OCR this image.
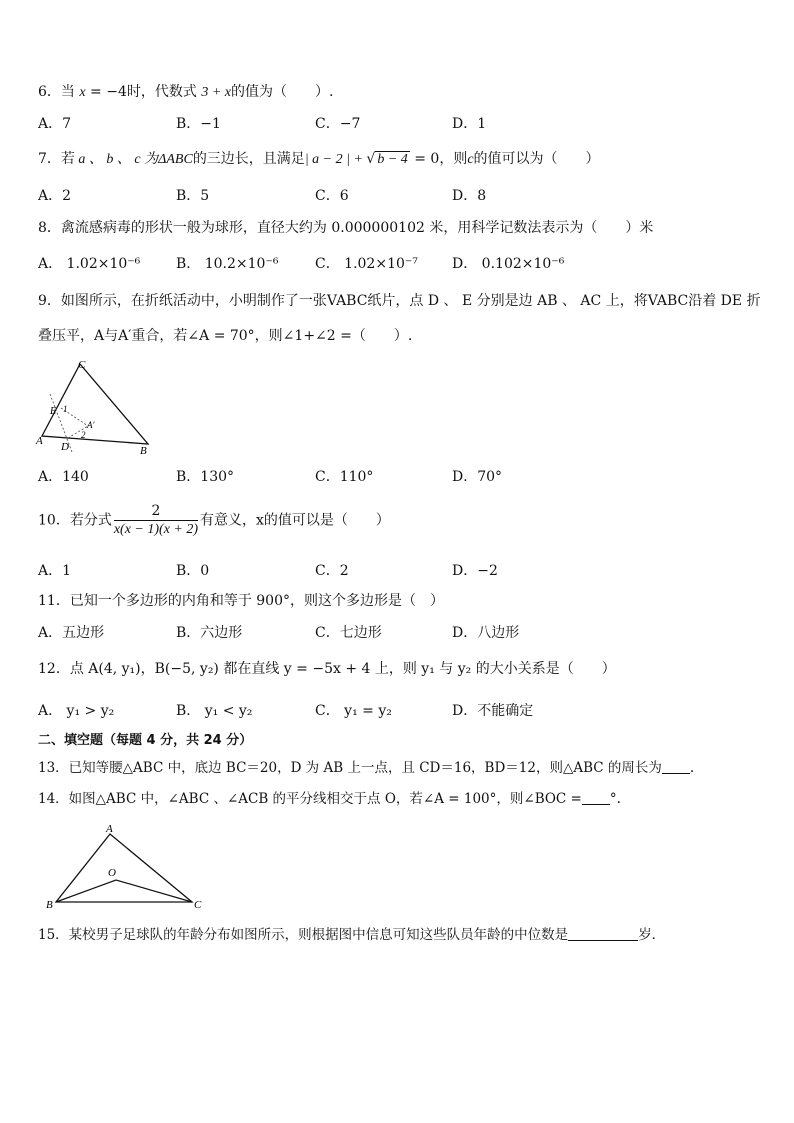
6．当 x = −4时，代数式 3 + x的值为（　　）.
A．7	B．−1	C．−7	D．1
7．若 a 、 b 、 c 为ΔABC的三边长，且满足| a − 2 | + √ b − 4 = 0，则c的值可以为（　　）
A．2	B．5	C．6	D．8
8．禽流感病毒的形状一般为球形，直径大约为 0.000000102 米，用科学记数法表示为（　　）米
A． 1.02×10⁻⁶	B． 10.2×10⁻⁶	C． 1.02×10⁻⁷ D． 0.102×10⁻⁶
9．如图所示，在折纸活动中，小明制作了一张VABC纸片，点 D 、 E 分别是边 AB 、 AC 上，将VABC沿着 DE 折
叠压平，A与A′重合，若∠A = 70°，则∠1+∠2 =（　　）.
C
E 1
A′
2
A D	B
A．140	B．130°	C．110°	D．70°
10．若分式 $\frac{2}{x(x - 1)(x + 2)}$ 有意义，x的值可以是（　　）
A．1	B．0	C．2	D．−2
11．已知一个多边形的内角和等于 900°，则这个多边形是（　）
A．五边形	B．六边形	C．七边形	D．八边形
12．点 A(4, y₁)，B(−5, y₂) 都在直线 y = −5x + 4 上，则 y₁ 与 y₂ 的大小关系是（　　）
A． y₁ > y₂	B． y₁ < y₂	C． y₁ = y₂	D．不能确定
二、填空题（每题 4 分，共 24 分）
13．已知等腰△ABC 中，底边 BC＝20，D 为 AB 上一点，且 CD＝16，BD＝12，则△ABC 的周长为 .
14．如图△ABC 中，∠ABC 、∠ACB 的平分线相交于点 O，若∠A = 100°，则∠BOC = °.
A
O
B	C
15．某校男子足球队的年龄分布如图所示，则根据图中信息可知这些队员年龄的中位数是	岁．
